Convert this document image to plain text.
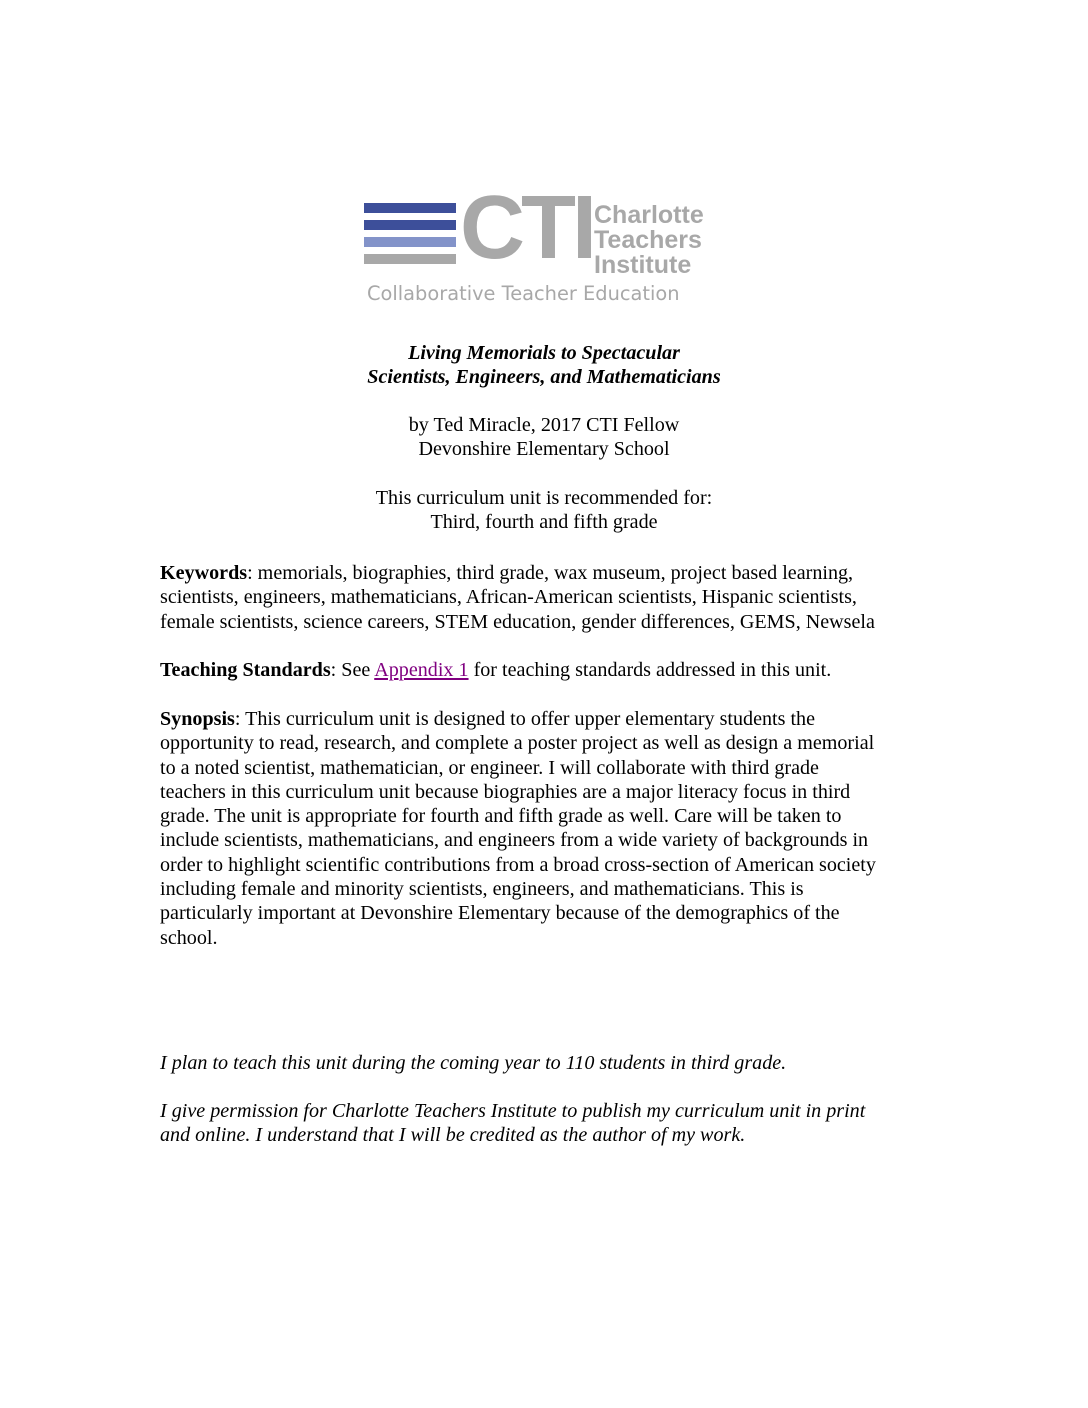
CTI Charlotte
Teachers
Institute
Collaborative Teacher Education
Living Memorials to Spectacular
Scientists, Engineers, and Mathematicians
by Ted Miracle, 2017 CTI Fellow
Devonshire Elementary School
This curriculum unit is recommended for:
Third, fourth and fifth grade
Keywords: memorials, biographies, third grade, wax museum, project based learning,
scientists, engineers, mathematicians, African-American scientists, Hispanic scientists,
female scientists, science careers, STEM education, gender differences, GEMS, Newsela
Teaching Standards: See Appendix 1 for teaching standards addressed in this unit.
Synopsis: This curriculum unit is designed to offer upper elementary students the
opportunity to read, research, and complete a poster project as well as design a memorial
to a noted scientist, mathematician, or engineer. I will collaborate with third grade
teachers in this curriculum unit because biographies are a major literacy focus in third
grade. The unit is appropriate for fourth and fifth grade as well. Care will be taken to
include scientists, mathematicians, and engineers from a wide variety of backgrounds in
order to highlight scientific contributions from a broad cross-section of American society
including female and minority scientists, engineers, and mathematicians. This is
particularly important at Devonshire Elementary because of the demographics of the
school.
I plan to teach this unit during the coming year to 110 students in third grade.
I give permission for Charlotte Teachers Institute to publish my curriculum unit in print
and online. I understand that I will be credited as the author of my work.
